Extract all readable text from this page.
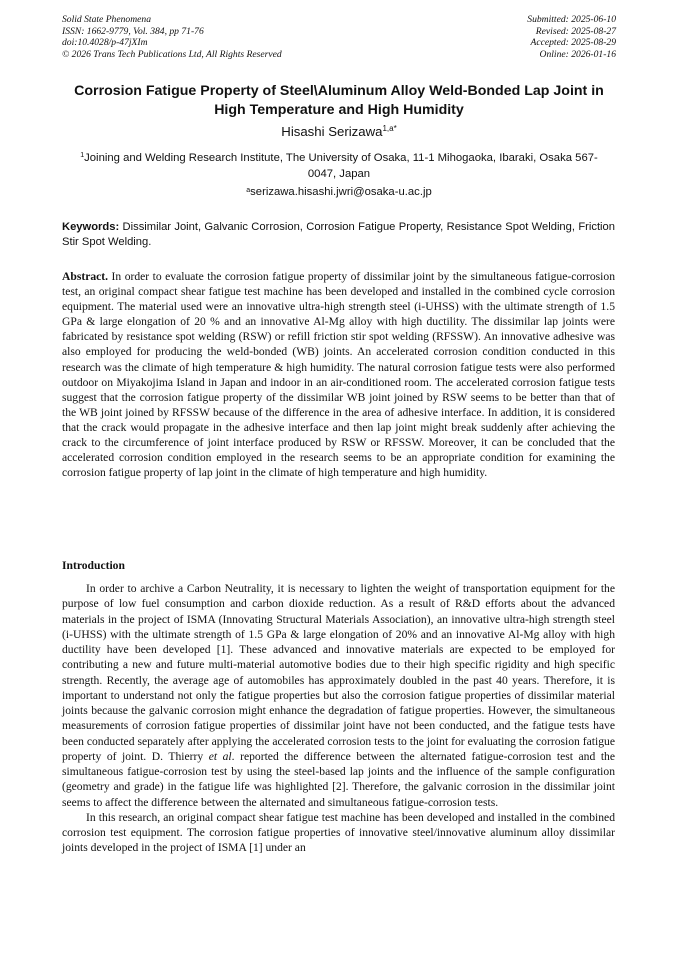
Solid State Phenomena
ISSN: 1662-9779, Vol. 384, pp 71-76
doi:10.4028/p-47jXIm
© 2026 Trans Tech Publications Ltd, All Rights Reserved
Submitted: 2025-06-10
Revised: 2025-08-27
Accepted: 2025-08-29
Online: 2026-01-16
Corrosion Fatigue Property of Steel\Aluminum Alloy Weld-Bonded Lap Joint in High Temperature and High Humidity
Hisashi Serizawa$^{1,a*}$
$^1$Joining and Welding Research Institute, The University of Osaka, 11-1 Mihogaoka, Ibaraki, Osaka 567-0047, Japan
$^a$serizawa.hisashi.jwri@osaka-u.ac.jp
Keywords: Dissimilar Joint, Galvanic Corrosion, Corrosion Fatigue Property, Resistance Spot Welding, Friction Stir Spot Welding.
Abstract. In order to evaluate the corrosion fatigue property of dissimilar joint by the simultaneous fatigue-corrosion test, an original compact shear fatigue test machine has been developed and installed in the combined cycle corrosion equipment. The material used were an innovative ultra-high strength steel (i-UHSS) with the ultimate strength of 1.5 GPa & large elongation of 20 % and an innovative Al-Mg alloy with high ductility. The dissimilar lap joints were fabricated by resistance spot welding (RSW) or refill friction stir spot welding (RFSSW). An innovative adhesive was also employed for producing the weld-bonded (WB) joints. An accelerated corrosion condition conducted in this research was the climate of high temperature & high humidity. The natural corrosion fatigue tests were also performed outdoor on Miyakojima Island in Japan and indoor in an air-conditioned room. The accelerated corrosion fatigue tests suggest that the corrosion fatigue property of the dissimilar WB joint joined by RSW seems to be better than that of the WB joint joined by RFSSW because of the difference in the area of adhesive interface. In addition, it is considered that the crack would propagate in the adhesive interface and then lap joint might break suddenly after achieving the crack to the circumference of joint interface produced by RSW or RFSSW. Moreover, it can be concluded that the accelerated corrosion condition employed in the research seems to be an appropriate condition for examining the corrosion fatigue property of lap joint in the climate of high temperature and high humidity.
Introduction

In order to archive a Carbon Neutrality, it is necessary to lighten the weight of transportation equipment for the purpose of low fuel consumption and carbon dioxide reduction. As a result of R&D efforts about the advanced materials in the project of ISMA (Innovating Structural Materials Association), an innovative ultra-high strength steel (i-UHSS) with the ultimate strength of 1.5 GPa & large elongation of 20% and an innovative Al-Mg alloy with high ductility have been developed [1]. These advanced and innovative materials are expected to be employed for contributing a new and future multi-material automotive bodies due to their high specific rigidity and high specific strength. Recently, the average age of automobiles has approximately doubled in the past 40 years. Therefore, it is important to understand not only the fatigue properties but also the corrosion fatigue properties of dissimilar material joints because the galvanic corrosion might enhance the degradation of fatigue properties. However, the simultaneous measurements of corrosion fatigue properties of dissimilar joint have not been conducted, and the fatigue tests have been conducted separately after applying the accelerated corrosion tests to the joint for evaluating the corrosion fatigue property of joint. D. Thierry et al. reported the difference between the alternated fatigue-corrosion test and the simultaneous fatigue-corrosion test by using the steel-based lap joints and the influence of the sample configuration (geometry and grade) in the fatigue life was highlighted [2]. Therefore, the galvanic corrosion in the dissimilar joint seems to affect the difference between the alternated and simultaneous fatigue-corrosion tests.

In this research, an original compact shear fatigue test machine has been developed and installed in the combined corrosion test equipment. The corrosion fatigue properties of innovative steel/innovative aluminum alloy dissimilar joints developed in the project of ISMA [1] under an
